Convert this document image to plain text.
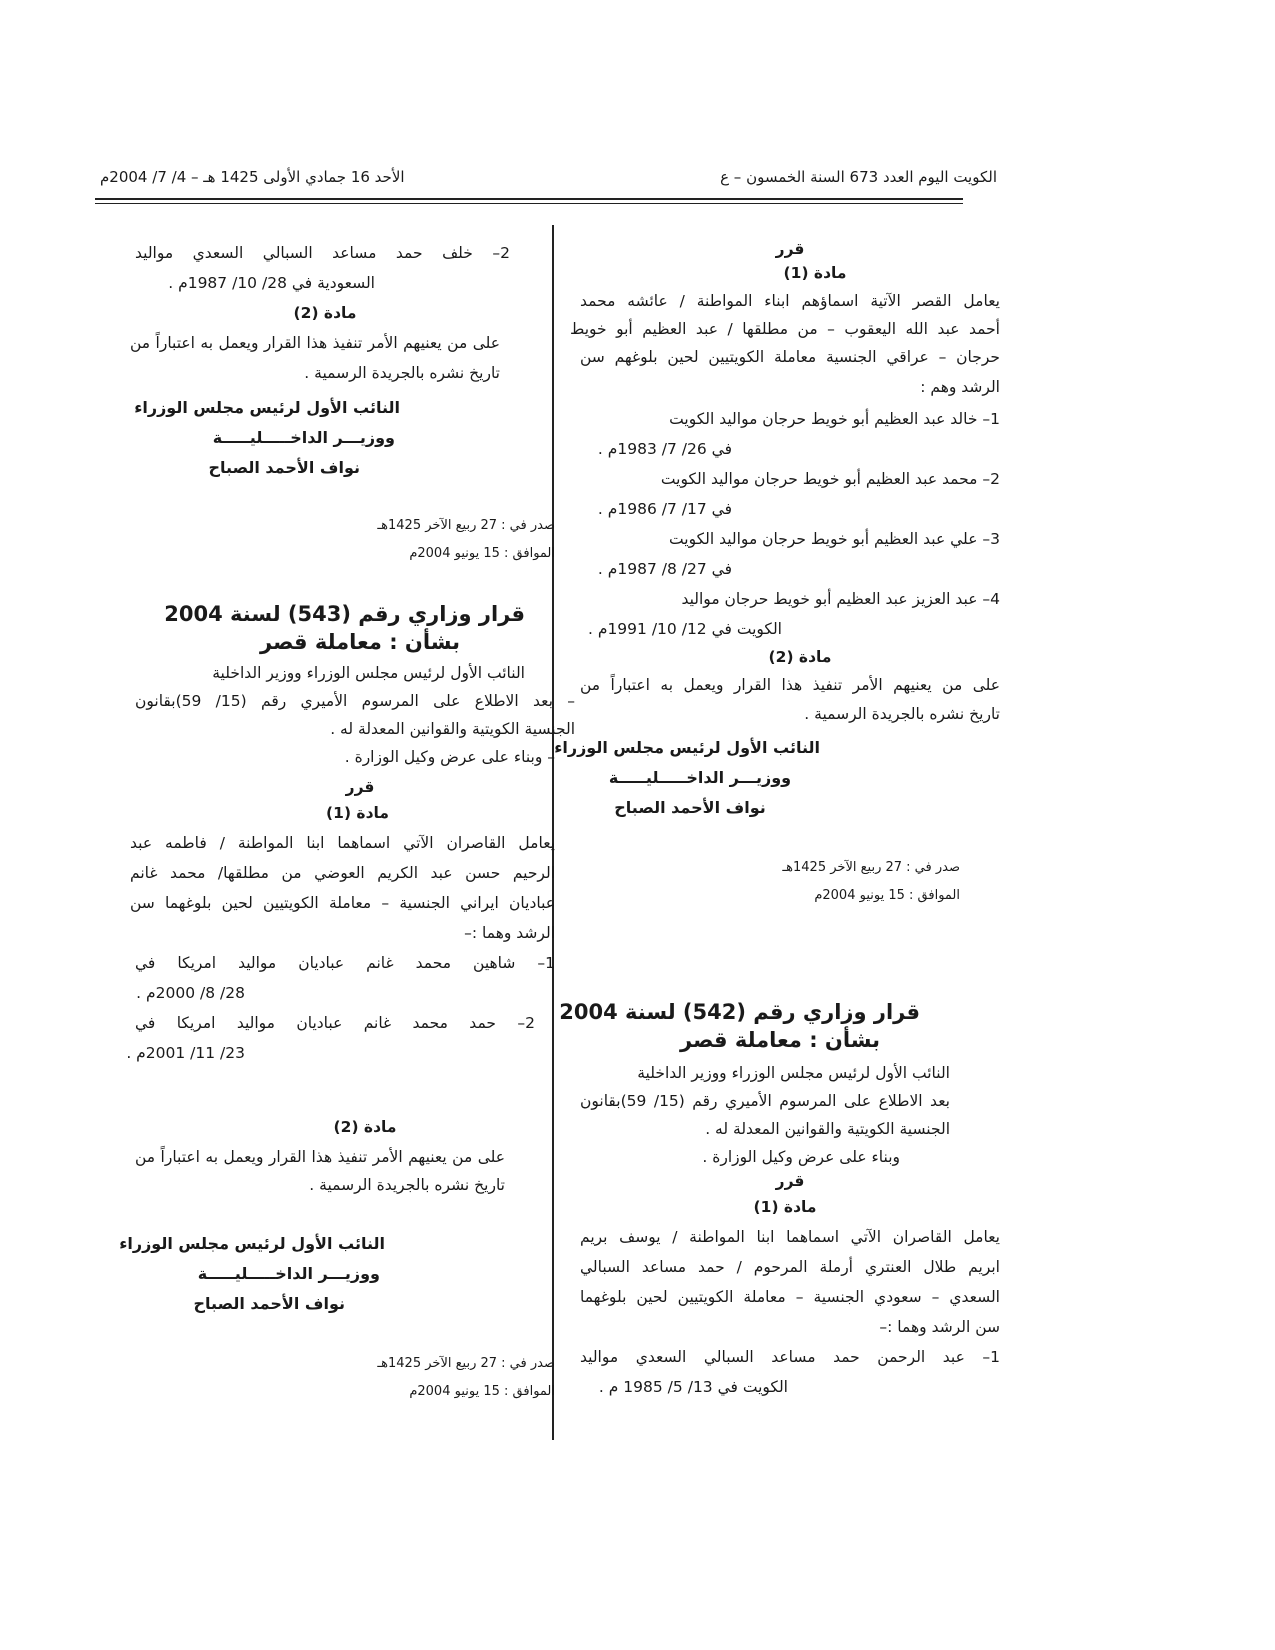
الكويت اليوم العدد 673 السنة الخمسون – ع
الأحد 16 جمادي الأولى 1425 هـ – 4/ 7/ 2004م
قرر
مادة (1)
يعامل القصر الآتية اسماؤهم ابناء المواطنة / عائشه محمد
أحمد عبد الله اليعقوب – من مطلقها / عبد العظيم أبو خويط
حرجان – عراقي الجنسية معاملة الكويتيين لحين بلوغهم سن
الرشد وهم :
1– خالد عبد العظيم أبو خويط حرجان مواليد الكويت
في 26/ 7/ 1983م .
2– محمد عبد العظيم أبو خويط حرجان مواليد الكويت
في 17/ 7/ 1986م .
3– علي عبد العظيم أبو خويط حرجان مواليد الكويت
في 27/ 8/ 1987م .
4– عبد العزيز عبد العظيم أبو خويط حرجان مواليد
الكويت في 12/ 10/ 1991م .
مادة (2)
على من يعنيهم الأمر تنفيذ هذا القرار ويعمل به اعتباراً من
تاريخ نشره بالجريدة الرسمية .
النائب الأول لرئيس مجلس الوزراء
ووزيـــر الداخـــــليـــــة
نواف الأحمد الصباح
صدر في : 27 ربيع الآخر 1425هـ
الموافق : 15 يونيو 2004م
قرار وزاري رقم (542) لسنة 2004
بشأن : معاملة قصر
النائب الأول لرئيس مجلس الوزراء ووزير الداخلية
بعد الاطلاع على المرسوم الأميري رقم (15/ 59)بقانون
الجنسية الكويتية والقوانين المعدلة له .
وبناء على عرض وكيل الوزارة .
قرر
مادة (1)
يعامل القاصران الآتي اسماهما ابنا المواطنة / يوسف بريم
ابريم طلال العنتري أرملة المرحوم / حمد مساعد السبالي
السعدي – سعودي الجنسية – معاملة الكويتيين لحين بلوغهما
سن الرشد وهما :–
1– عبد الرحمن حمد مساعد السبالي السعدي مواليد
الكويت في 13/ 5/ 1985 م .
2– خلف حمد مساعد السبالي السعدي مواليد
السعودية في 28/ 10/ 1987م .
مادة (2)
على من يعنيهم الأمر تنفيذ هذا القرار ويعمل به اعتباراً من
تاريخ نشره بالجريدة الرسمية .
النائب الأول لرئيس مجلس الوزراء
ووزيـــر الداخـــــليـــــة
نواف الأحمد الصباح
صدر في : 27 ربيع الآخر 1425هـ
الموافق : 15 يونيو 2004م
قرار وزاري رقم (543) لسنة 2004
بشأن : معاملة قصر
النائب الأول لرئيس مجلس الوزراء ووزير الداخلية
– بعد الاطلاع على المرسوم الأميري رقم (15/ 59)بقانون
الجنسية الكويتية والقوانين المعدلة له .
– وبناء على عرض وكيل الوزارة .
قرر
مادة (1)
يعامل القاصران الآتي اسماهما ابنا المواطنة / فاطمه عبد
الرحيم حسن عبد الكريم العوضي من مطلقها/ محمد غانم
عباديان ايراني الجنسية – معاملة الكويتيين لحين بلوغهما سن
الرشد وهما :–
1– شاهين محمد غانم عباديان مواليد امريكا في
28/ 8/ 2000م .
2– حمد محمد غانم عباديان مواليد امريكا في
23/ 11/ 2001م .
مادة (2)
على من يعنيهم الأمر تنفيذ هذا القرار ويعمل به اعتباراً من
تاريخ نشره بالجريدة الرسمية .
النائب الأول لرئيس مجلس الوزراء
ووزيـــر الداخـــــليـــــة
نواف الأحمد الصباح
صدر في : 27 ربيع الآخر 1425هـ
الموافق : 15 يونيو 2004م
